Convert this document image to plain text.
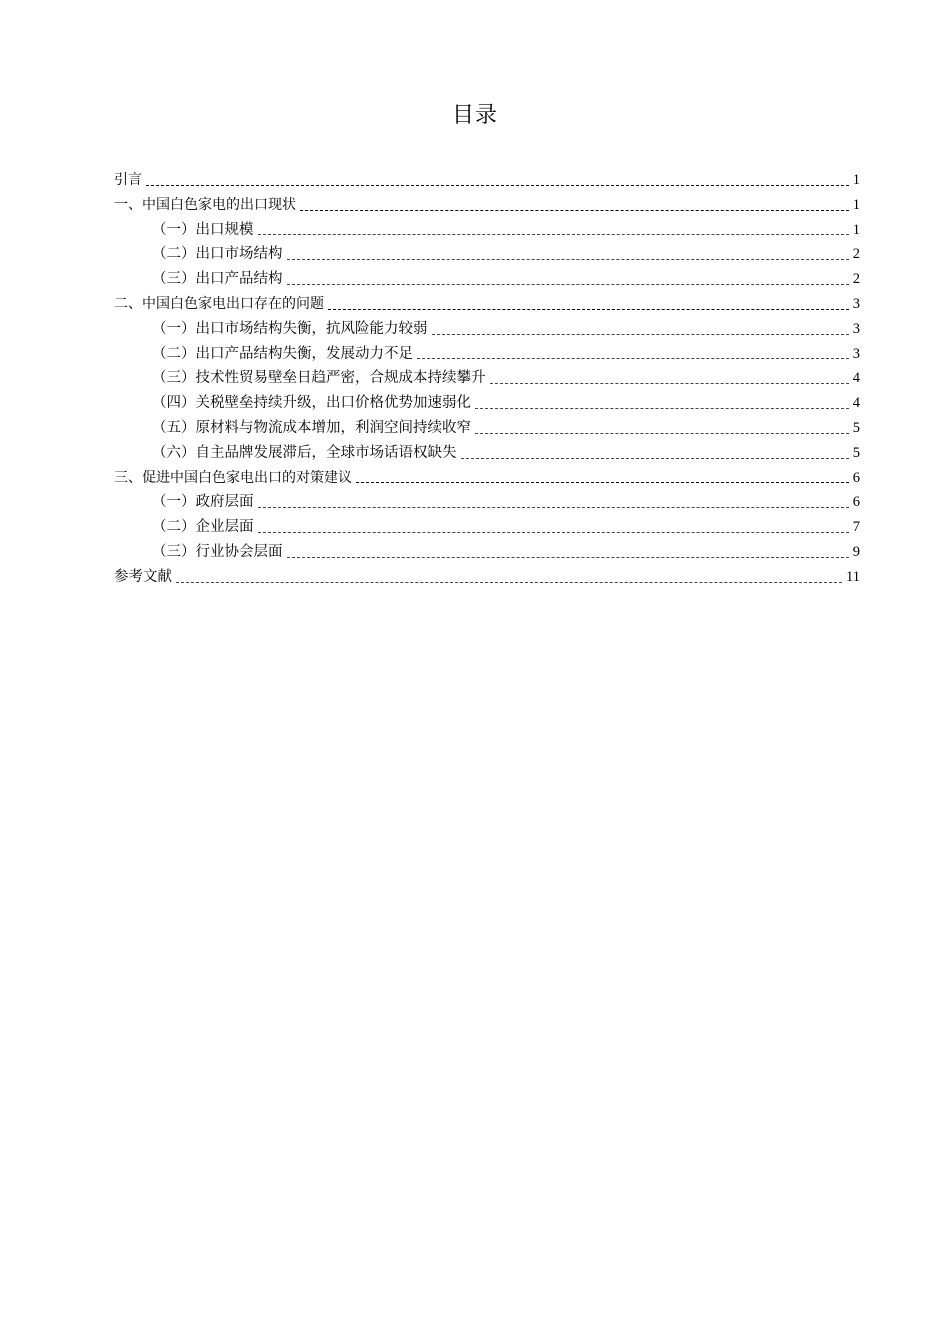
目录
引言	1
一、中国白色家电的出口现状	1
（一）出口规模	1
（二）出口市场结构	2
（三）出口产品结构	2
二、中国白色家电出口存在的问题	3
（一）出口市场结构失衡，抗风险能力较弱	3
（二）出口产品结构失衡，发展动力不足	3
（三）技术性贸易壁垒日趋严密，合规成本持续攀升	4
（四）关税壁垒持续升级，出口价格优势加速弱化	4
（五）原材料与物流成本增加，利润空间持续收窄	5
（六）自主品牌发展滞后，全球市场话语权缺失	5
三、促进中国白色家电出口的对策建议	6
（一）政府层面	6
（二）企业层面	7
（三）行业协会层面	9
参考文献	11
